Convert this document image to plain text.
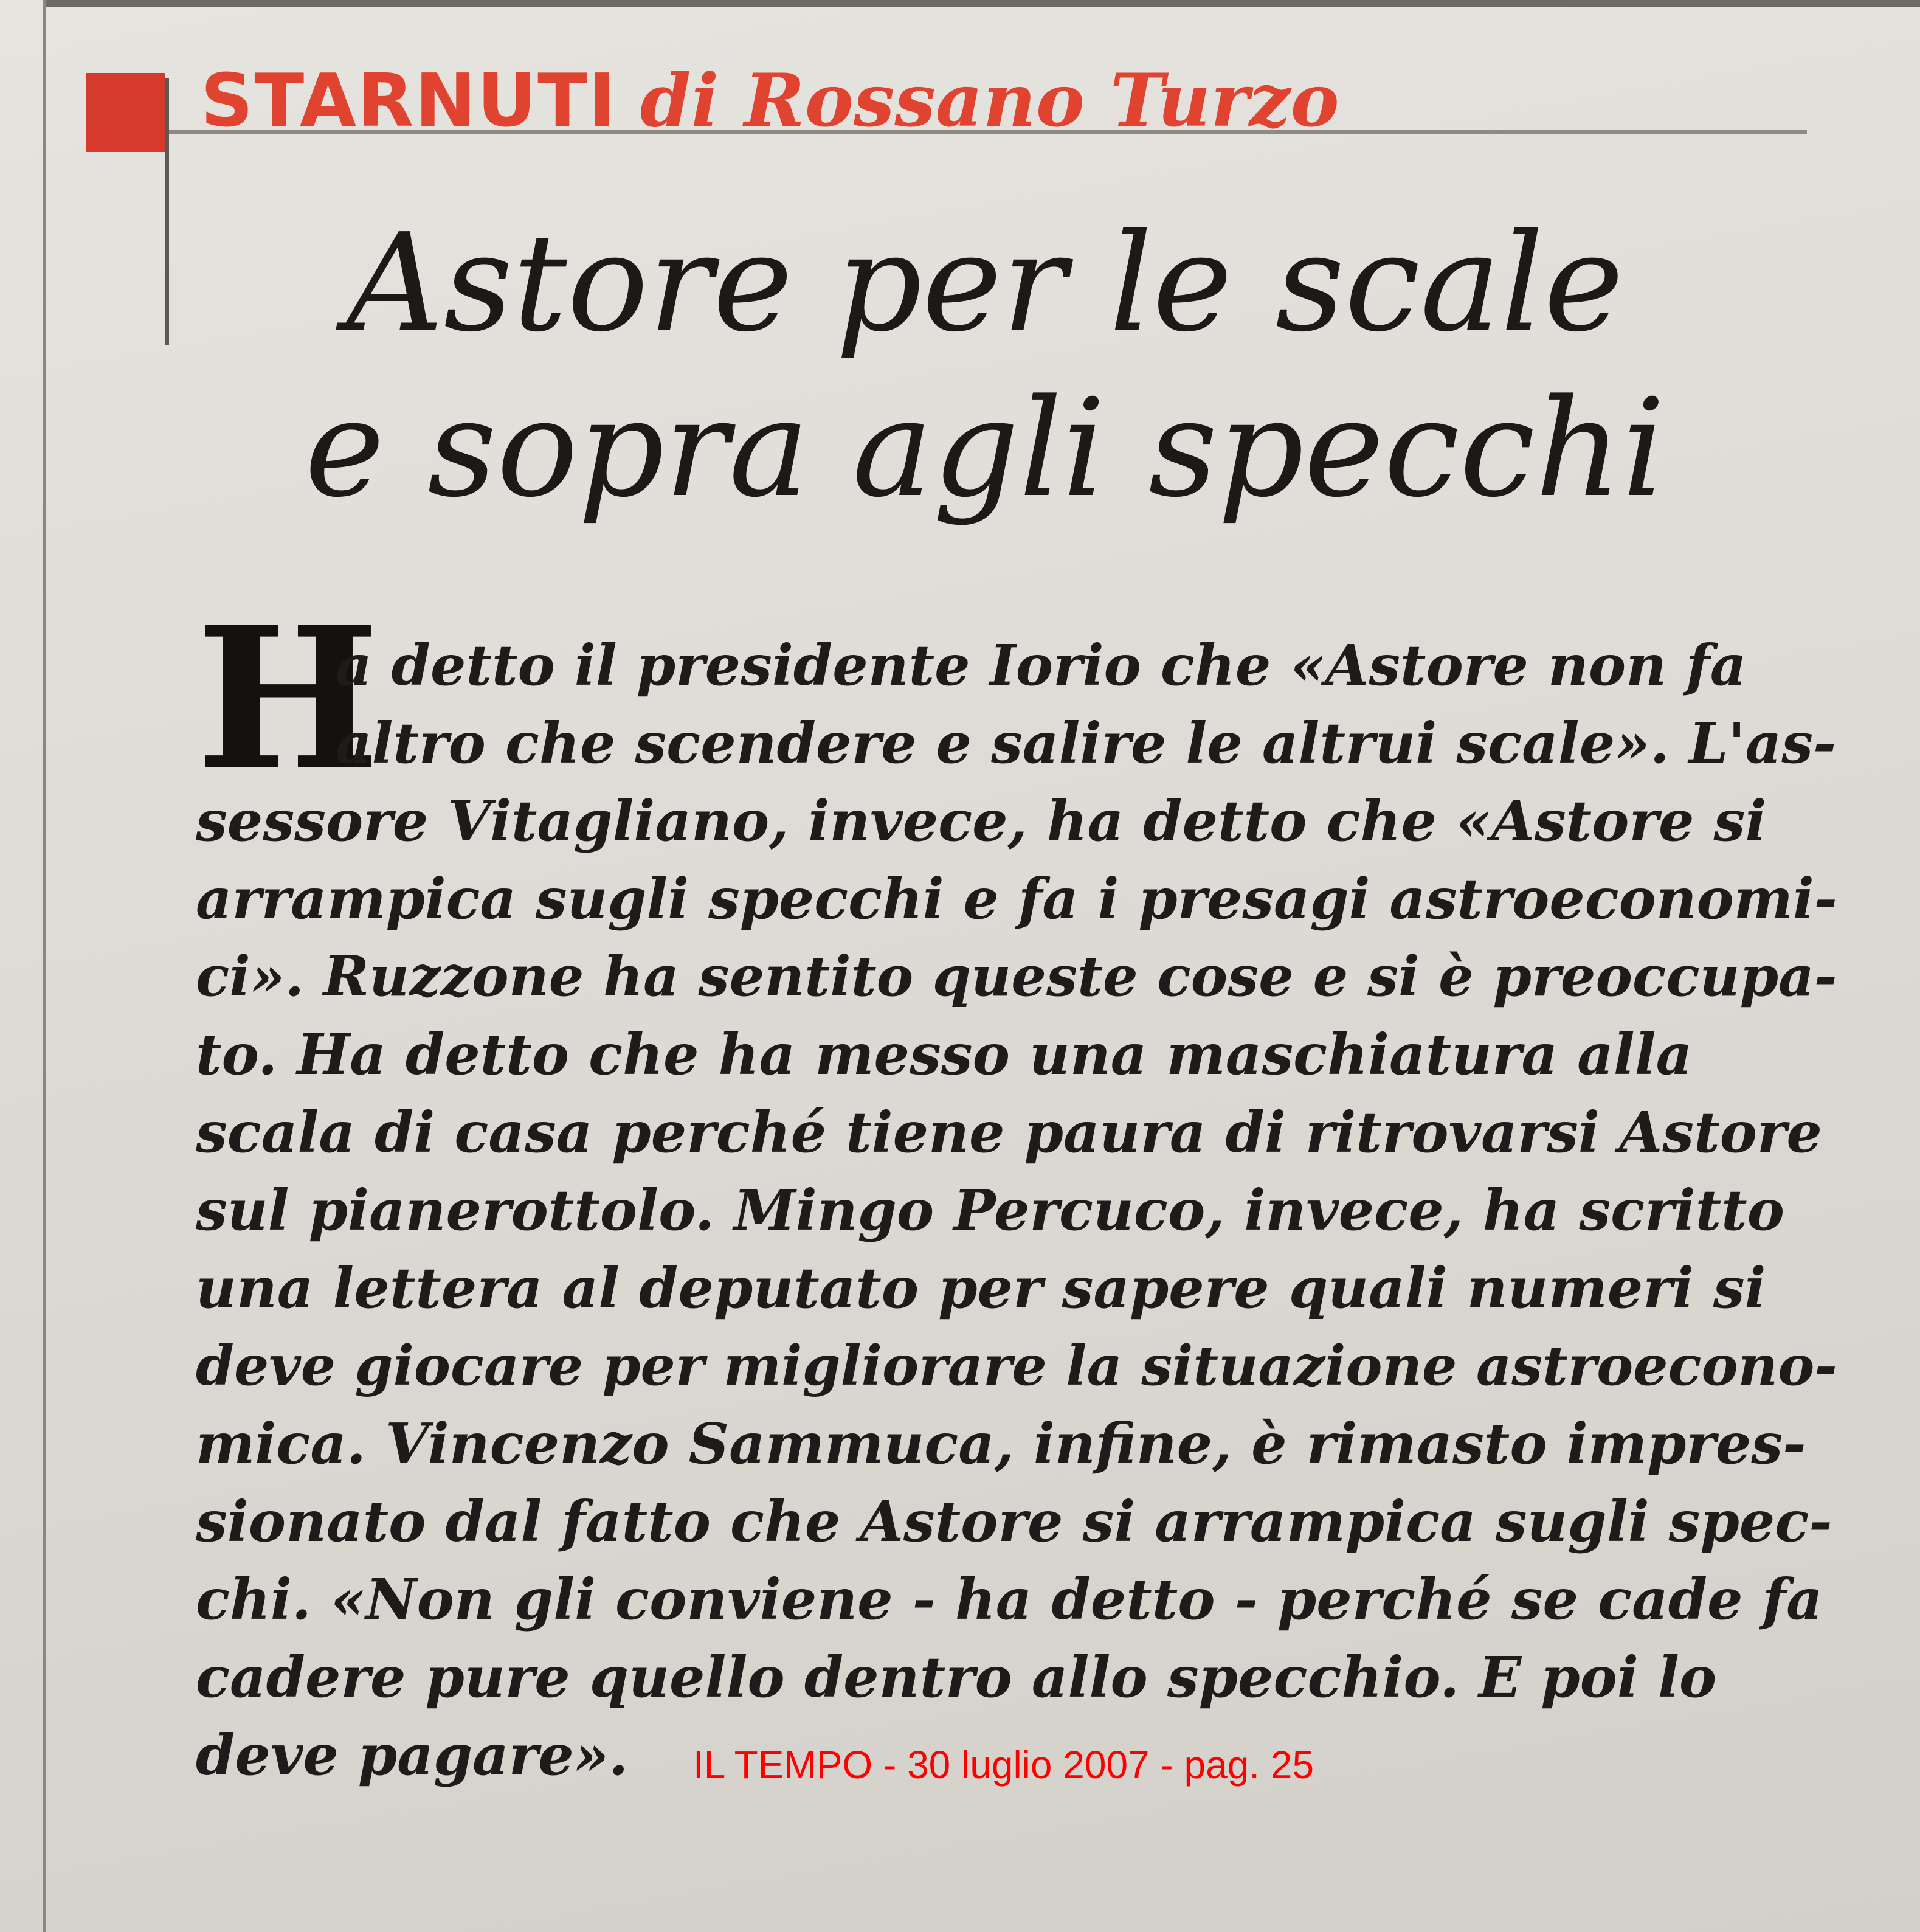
STARNUTI di Rossano Turzo
Astore per le scale
e sopra agli specchi
H
a detto il presidente Iorio che «Astore non fa
altro che scendere e salire le altrui scale». L'as-
sessore Vitagliano, invece, ha detto che «Astore si
arrampica sugli specchi e fa i presagi astroeconomi-
ci». Ruzzone ha sentito queste cose e si è preoccupa-
to. Ha detto che ha messo una maschiatura alla
scala di casa perché tiene paura di ritrovarsi Astore
sul pianerottolo. Mingo Percuco, invece, ha scritto
una lettera al deputato per sapere quali numeri si
deve giocare per migliorare la situazione astroecono-
mica. Vincenzo Sammuca, infine, è rimasto impres-
sionato dal fatto che Astore si arrampica sugli spec-
chi. «Non gli conviene - ha detto - perché se cade fa
cadere pure quello dentro allo specchio. E poi lo
deve pagare».	IL TEMPO - 30 luglio 2007 - pag. 25
